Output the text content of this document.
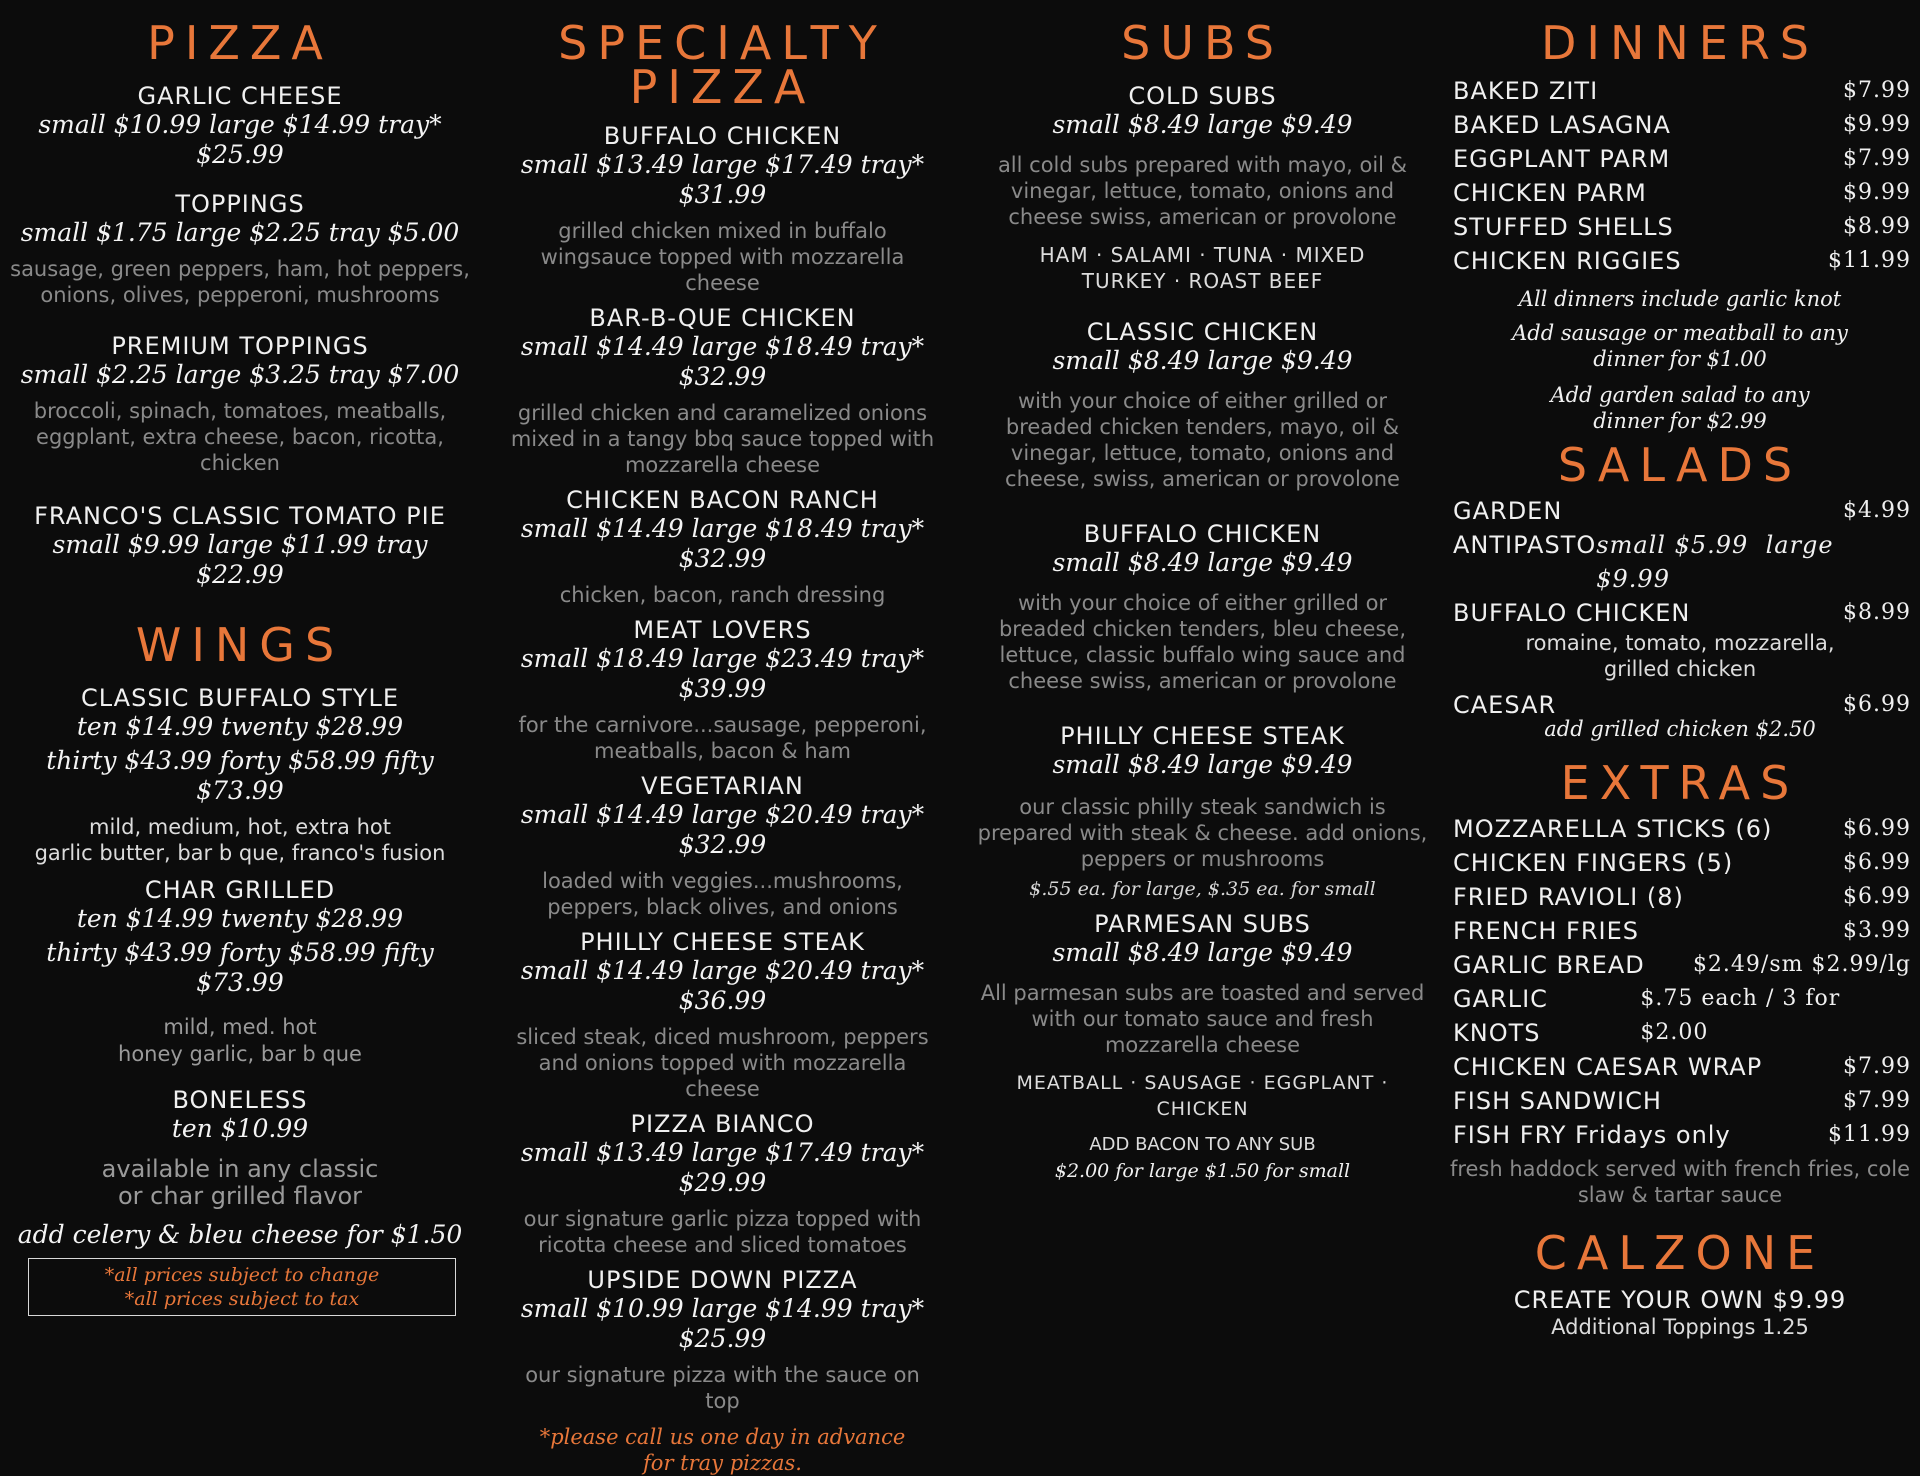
PIZZA
GARLIC CHEESE
small $10.99 large $14.99 tray* $25.99
TOPPINGS
small $1.75 large $2.25 tray $5.00
sausage, green peppers, ham, hot peppers, onions, olives, pepperoni, mushrooms
PREMIUM TOPPINGS
small $2.25 large $3.25 tray $7.00
broccoli, spinach, tomatoes, meatballs, eggplant, extra cheese, bacon, ricotta, chicken
FRANCO'S CLASSIC TOMATO PIE
small $9.99 large $11.99 tray $22.99
WINGS
CLASSIC BUFFALO STYLE
ten $14.99 twenty $28.99
thirty $43.99 forty $58.99 fifty $73.99
mild, medium, hot, extra hot
garlic butter, bar b que, franco's fusion
CHAR GRILLED
ten $14.99 twenty $28.99
thirty $43.99 forty $58.99 fifty $73.99
mild, med. hot
honey garlic, bar b que
BONELESS
ten $10.99
available in any classic
or char grilled flavor
add celery & bleu cheese for $1.50
*all prices subject to change
*all prices subject to tax
SPECIALTY
PIZZA
BUFFALO CHICKEN
small $13.49 large $17.49 tray* $31.99
grilled chicken mixed in buffalo wingsauce topped with mozzarella cheese
BAR-B-QUE CHICKEN
small $14.49 large $18.49 tray* $32.99
grilled chicken and caramelized onions mixed in a tangy bbq sauce topped with mozzarella cheese
CHICKEN BACON RANCH
small $14.49 large $18.49 tray* $32.99
chicken, bacon, ranch dressing
MEAT LOVERS
small $18.49 large $23.49 tray* $39.99
for the carnivore...sausage, pepperoni, meatballs, bacon & ham
VEGETARIAN
small $14.49 large $20.49 tray* $32.99
loaded with veggies...mushrooms, peppers, black olives, and onions
PHILLY CHEESE STEAK
small $14.49 large $20.49 tray* $36.99
sliced steak, diced mushroom, peppers and onions topped with mozzarella cheese
PIZZA BIANCO
small $13.49 large $17.49 tray* $29.99
our signature garlic pizza topped with ricotta cheese and sliced tomatoes
UPSIDE DOWN PIZZA
small $10.99 large $14.99 tray* $25.99
our signature pizza with the sauce on top
*please call us one day in advance
for tray pizzas.
SUBS
COLD SUBS
small $8.49 large $9.49
all cold subs prepared with mayo, oil & vinegar, lettuce, tomato, onions and cheese swiss, american or provolone
HAM · SALAMI · TUNA · MIXED
TURKEY · ROAST BEEF
CLASSIC CHICKEN
small $8.49 large $9.49
with your choice of either grilled or breaded chicken tenders, mayo, oil & vinegar, lettuce, tomato, onions and cheese, swiss, american or provolone
BUFFALO CHICKEN
small $8.49 large $9.49
with your choice of either grilled or breaded chicken tenders, bleu cheese, lettuce, classic buffalo wing sauce and cheese swiss, american or provolone
PHILLY CHEESE STEAK
small $8.49 large $9.49
our classic philly steak sandwich is prepared with steak & cheese. add onions, peppers or mushrooms
$.55 ea. for large, $.35 ea. for small
PARMESAN SUBS
small $8.49 large $9.49
All parmesan subs are toasted and served with our tomato sauce and fresh mozzarella cheese
MEATBALL · SAUSAGE · EGGPLANT ·
CHICKEN
ADD BACON TO ANY SUB
$2.00 for large $1.50 for small
DINNERS
BAKED ZITI	$7.99
BAKED LASAGNA	$9.99
EGGPLANT PARM	$7.99
CHICKEN PARM	$9.99
STUFFED SHELLS	$8.99
CHICKEN RIGGIES	$11.99
All dinners include garlic knot
Add sausage or meatball to any dinner for $1.00
Add garden salad to any dinner for $2.99
SALADS
GARDEN	$4.99
ANTIPASTO small $5.99 large $9.99
BUFFALO CHICKEN	$8.99
romaine, tomato, mozzarella, grilled chicken
CAESAR	$6.99
add grilled chicken $2.50
EXTRAS
MOZZARELLA STICKS (6)	$6.99
CHICKEN FINGERS (5)	$6.99
FRIED RAVIOLI (8)	$6.99
FRENCH FRIES	$3.99
GARLIC BREAD $2.49/sm $2.99/lg
GARLIC KNOTS
$.75 each / 3 for $2.00
CHICKEN CAESAR WRAP	$7.99
FISH SANDWICH	$7.99
FISH FRY Fridays only	$11.99
fresh haddock served with french fries, cole slaw & tartar sauce
CALZONE
CREATE YOUR OWN $9.99
Additional Toppings 1.25
